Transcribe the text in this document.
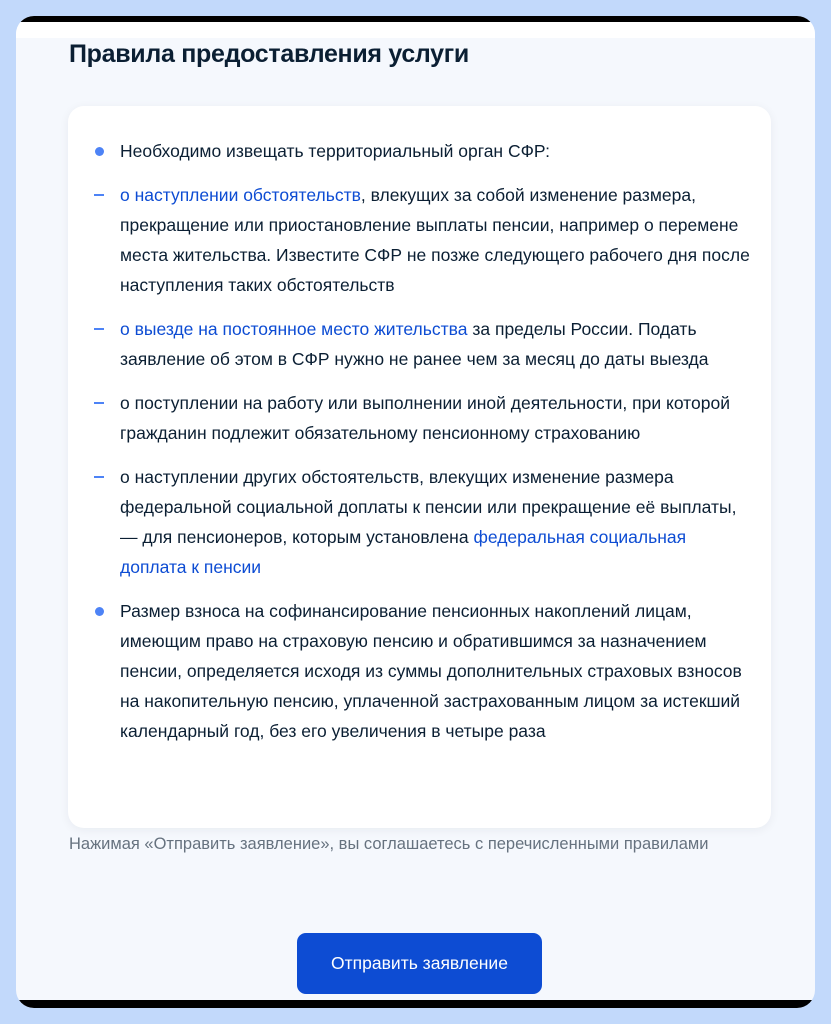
Правила предоставления услуги
Необходимо извещать территориальный орган СФР:
о наступлении обстоятельств, влекущих за собой изменение размера, прекращение или приостановление выплаты пенсии, например о перемене места жительства. Известите СФР не позже следующего рабочего дня после наступления таких обстоятельств
о выезде на постоянное место жительства за пределы России. Подать заявление об этом в СФР нужно не ранее чем за месяц до даты выезда
о поступлении на работу или выполнении иной деятельности, при которой гражданин подлежит обязательному пенсионному страхованию
о наступлении других обстоятельств, влекущих изменение размера федеральной социальной доплаты к пенсии или прекращение её выплаты, — для пенсионеров, которым установлена федеральная социальная доплата к пенсии
Размер взноса на софинансирование пенсионных накоплений лицам, имеющим право на страховую пенсию и обратившимся за назначением пенсии, определяется исходя из суммы дополнительных страховых взносов на накопительную пенсию, уплаченной застрахованным лицом за истекший календарный год, без его увеличения в четыре раза
Нажимая «Отправить заявление», вы соглашаетесь с перечисленными правилами
Отправить заявление
